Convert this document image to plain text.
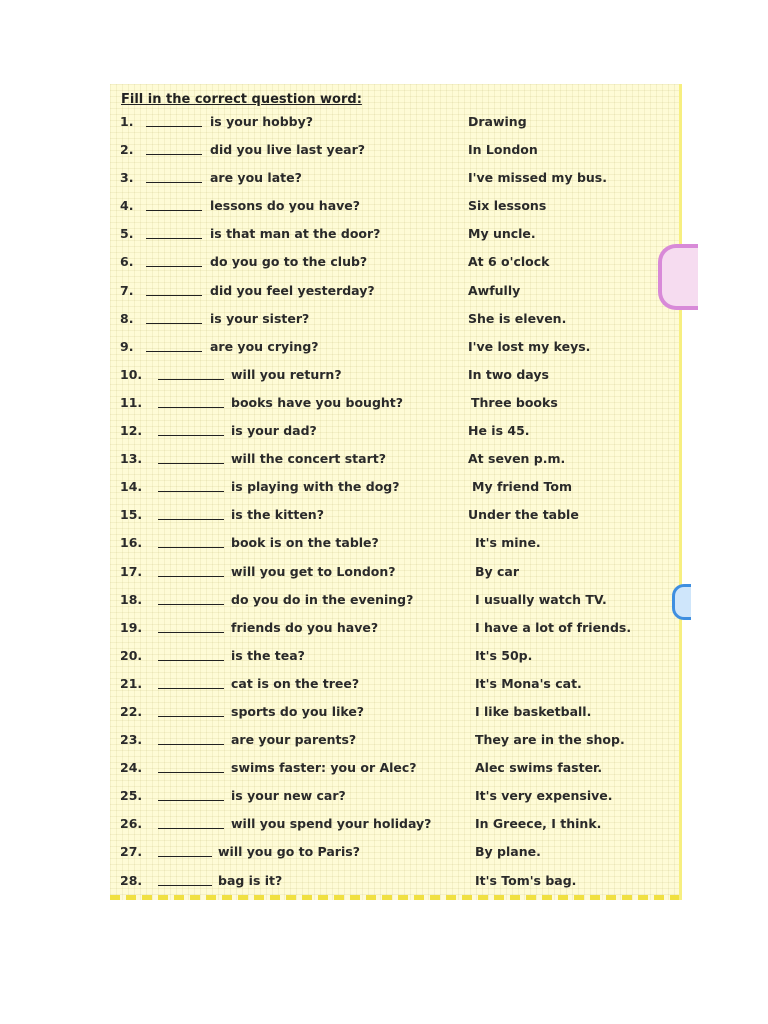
Fill in the correct question word:
1.	is your hobby?	Drawing
2.	did you live last year?	In London
3.	are you late?	I've missed my bus.
4.	lessons do you have?	Six lessons
5.	is that man at the door?	My uncle.
6.	do you go to the club?	At 6 o'clock
7.	did you feel yesterday?	Awfully
8.	is your sister?	She is eleven.
9.	are you crying?	I've lost my keys.
10.	will you return?	In two days
11.	books have you bought?	Three books
12.	is your dad?	He is 45.
13.	will the concert start?	At seven p.m.
14.	is playing with the dog?	My friend Tom
15.	is the kitten?	Under the table
16.	book is on the table?	It's mine.
17.	will you get to London?	By car
18.	do you do in the evening?	I usually watch TV.
19.	friends do you have?	I have a lot of friends.
20.	is the tea?	It's 50p.
21.	cat is on the tree?	It's Mona's cat.
22.	sports do you like?	I like basketball.
23.	are your parents?	They are in the shop.
24.	swims faster: you or Alec?	Alec swims faster.
25.	is your new car?	It's very expensive.
26.	will you spend your holiday?	In Greece, I think.
27.	will you go to Paris?	By plane.
28.	bag is it?	It's Tom's bag.
